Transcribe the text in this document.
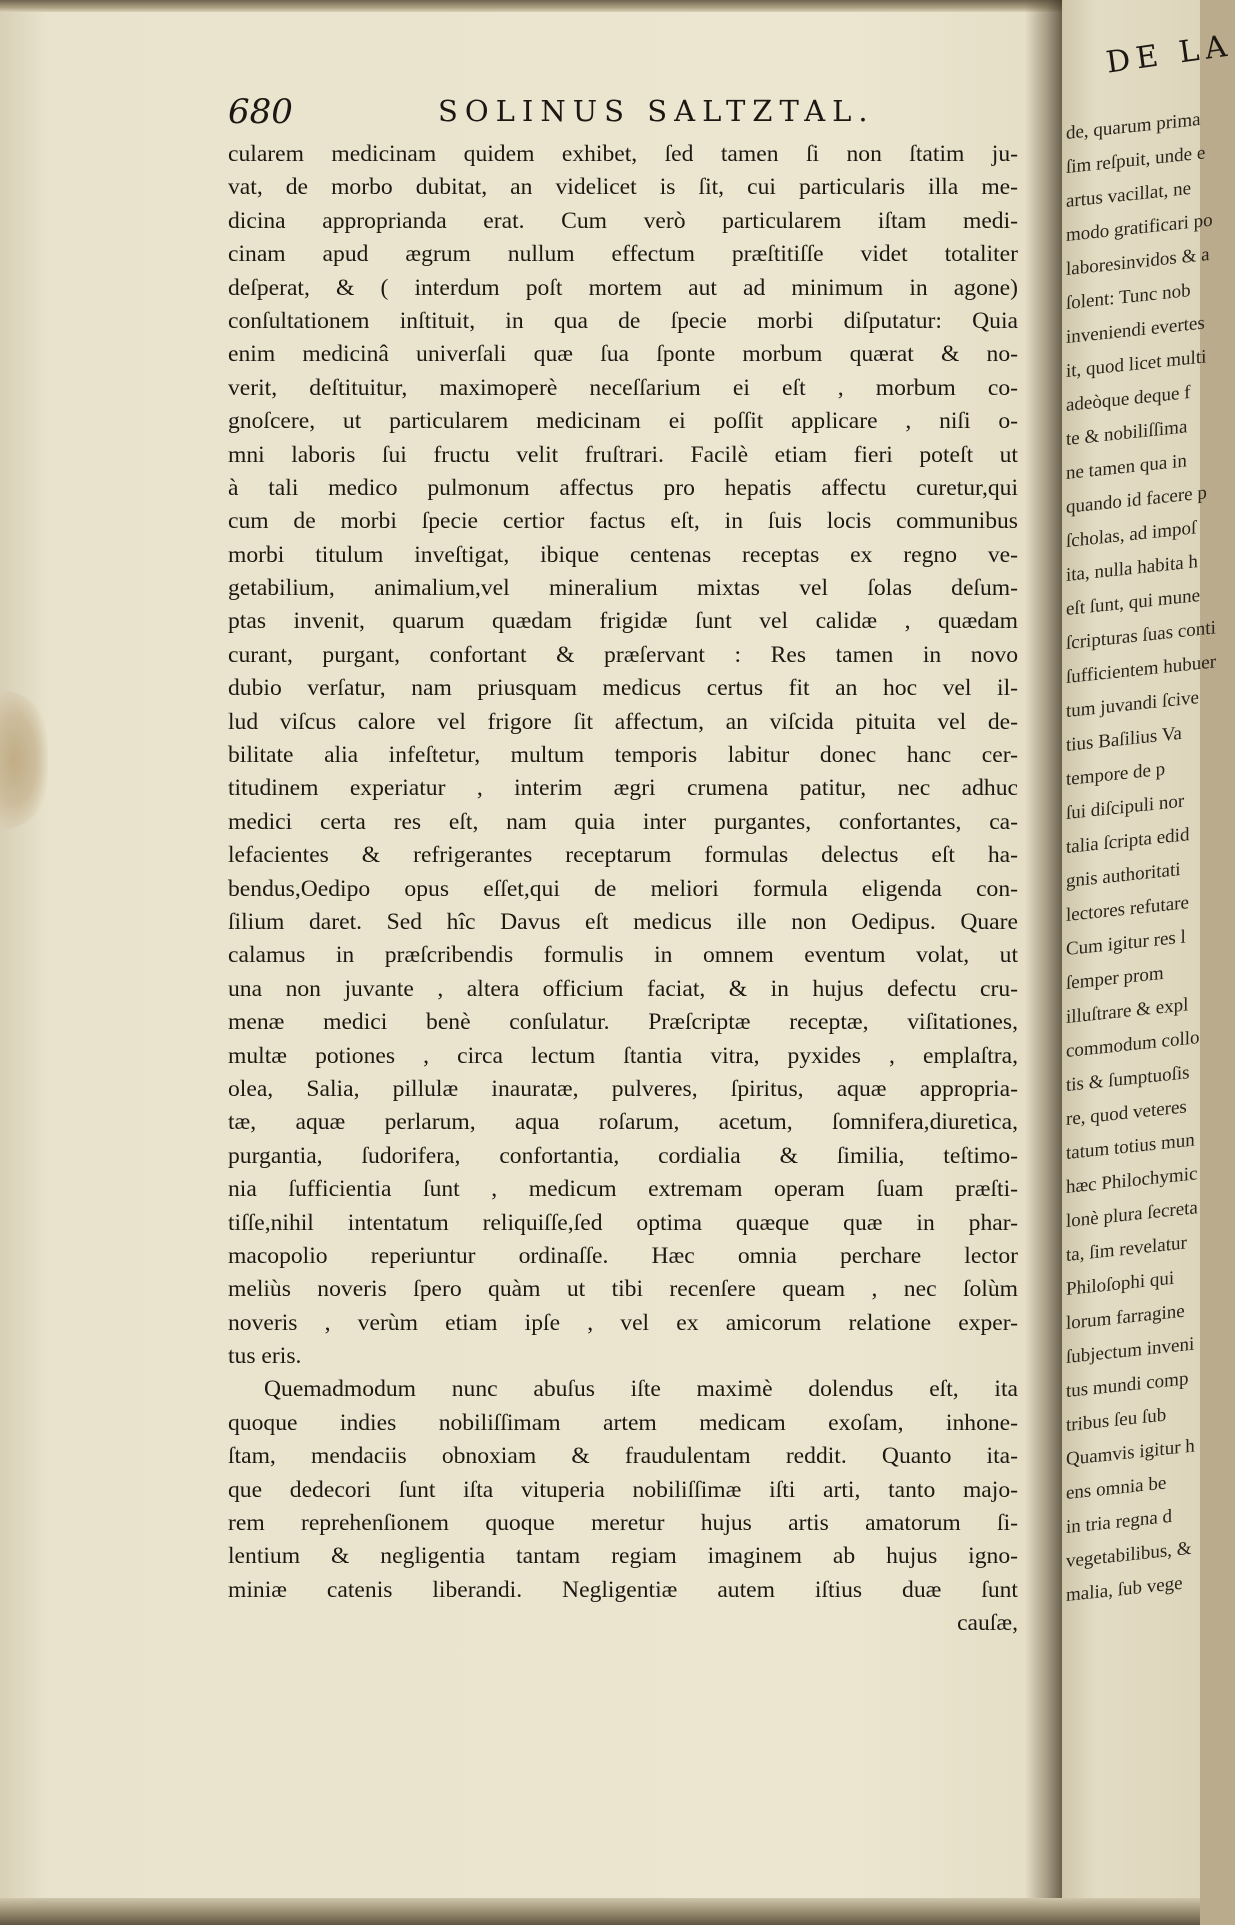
680	SOLINUS SALTZTAL.
cularem medicinam quidem exhibet, ſed tamen ſi non ſtatim ju-
vat, de morbo dubitat, an videlicet is ſit, cui particularis illa me-
dicina approprianda erat. Cum verò particularem iſtam medi-
cinam apud ægrum nullum effectum præſtitiſſe videt totaliter
deſperat, & ( interdum poſt mortem aut ad minimum in agone)
conſultationem inſtituit, in qua de ſpecie morbi diſputatur: Quia
enim medicinâ univerſali quæ ſua ſponte morbum quærat & no-
verit, deſtituitur, maximoperè neceſſarium ei eſt , morbum co-
gnoſcere, ut particularem medicinam ei poſſit applicare , niſi o-
mni laboris ſui fructu velit fruſtrari. Facilè etiam fieri poteſt ut
à tali medico pulmonum affectus pro hepatis affectu curetur,qui
cum de morbi ſpecie certior factus eſt, in ſuis locis communibus
morbi titulum inveſtigat, ibique centenas receptas ex regno ve-
getabilium, animalium,vel mineralium mixtas vel ſolas deſum-
ptas invenit, quarum quædam frigidæ ſunt vel calidæ , quædam
curant, purgant, confortant & præſervant : Res tamen in novo
dubio verſatur, nam priusquam medicus certus fit an hoc vel il-
lud viſcus calore vel frigore ſit affectum, an viſcida pituita vel de-
bilitate alia infeſtetur, multum temporis labitur donec hanc cer-
titudinem experiatur , interim ægri crumena patitur, nec adhuc
medici certa res eſt, nam quia inter purgantes, confortantes, ca-
lefacientes & refrigerantes receptarum formulas delectus eſt ha-
bendus,Oedipo opus eſſet,qui de meliori formula eligenda con-
ſilium daret. Sed hîc Davus eſt medicus ille non Oedipus. Quare
calamus in præſcribendis formulis in omnem eventum volat, ut
una non juvante , altera officium faciat, & in hujus defectu cru-
menæ medici benè conſulatur. Præſcriptæ receptæ, viſitationes,
multæ potiones , circa lectum ſtantia vitra, pyxides , emplaſtra,
olea, Salia, pillulæ inauratæ, pulveres, ſpiritus, aquæ appropria-
tæ, aquæ perlarum, aqua roſarum, acetum, ſomnifera,diuretica,
purgantia, ſudorifera, confortantia, cordialia & ſimilia, teſtimo-
nia ſufficientia ſunt , medicum extremam operam ſuam præſti-
tiſſe,nihil intentatum reliquiſſe,ſed optima quæque quæ in phar-
macopolio reperiuntur ordinaſſe. Hæc omnia perchare lector
meliùs noveris ſpero quàm ut tibi recenſere queam , nec ſolùm
noveris , verùm etiam ipſe , vel ex amicorum relatione exper-
tus eris.
Quemadmodum nunc abuſus iſte maximè dolendus eſt, ita
quoque indies nobiliſſimam artem medicam exoſam, inhone-
ſtam, mendaciis obnoxiam & fraudulentam reddit. Quanto ita-
que dedecori ſunt iſta vituperia nobiliſſimæ iſti arti, tanto majo-
rem reprehenſionem quoque meretur hujus artis amatorum ſi-
lentium & negligentia tantam regiam imaginem ab hujus igno-
miniæ catenis liberandi. Negligentiæ autem iſtius duæ ſunt
cauſæ,
DE LA
de, quarum prima
ſim reſpuit, unde e
artus vacillat, ne
modo gratificari po
laboresinvidos & a
ſolent: Tunc nob
inveniendi evertes
it, quod licet multi
adeòque deque f
te & nobiliſſima
ne tamen qua in
quando id facere p
ſcholas, ad impoſ
ita, nulla habita h
eſt ſunt, qui mune
ſcripturas ſuas conti
ſufficientem hubuer
tum juvandi ſcive
tius Baſilius Va
tempore de p
ſui diſcipuli nor
talia ſcripta edid
gnis authoritati
lectores refutare
Cum igitur res l
ſemper prom
illuſtrare & expl
commodum collo
tis & ſumptuoſis
re, quod veteres
tatum totius mun
hæc Philochymic
lonè plura ſecreta
ta, ſim revelatur
Philoſophi qui
lorum farragine
ſubjectum inveni
tus mundi comp
tribus ſeu ſub
Quamvis igitur h
ens omnia be
in tria regna d
vegetabilibus, &
malia, ſub vege
